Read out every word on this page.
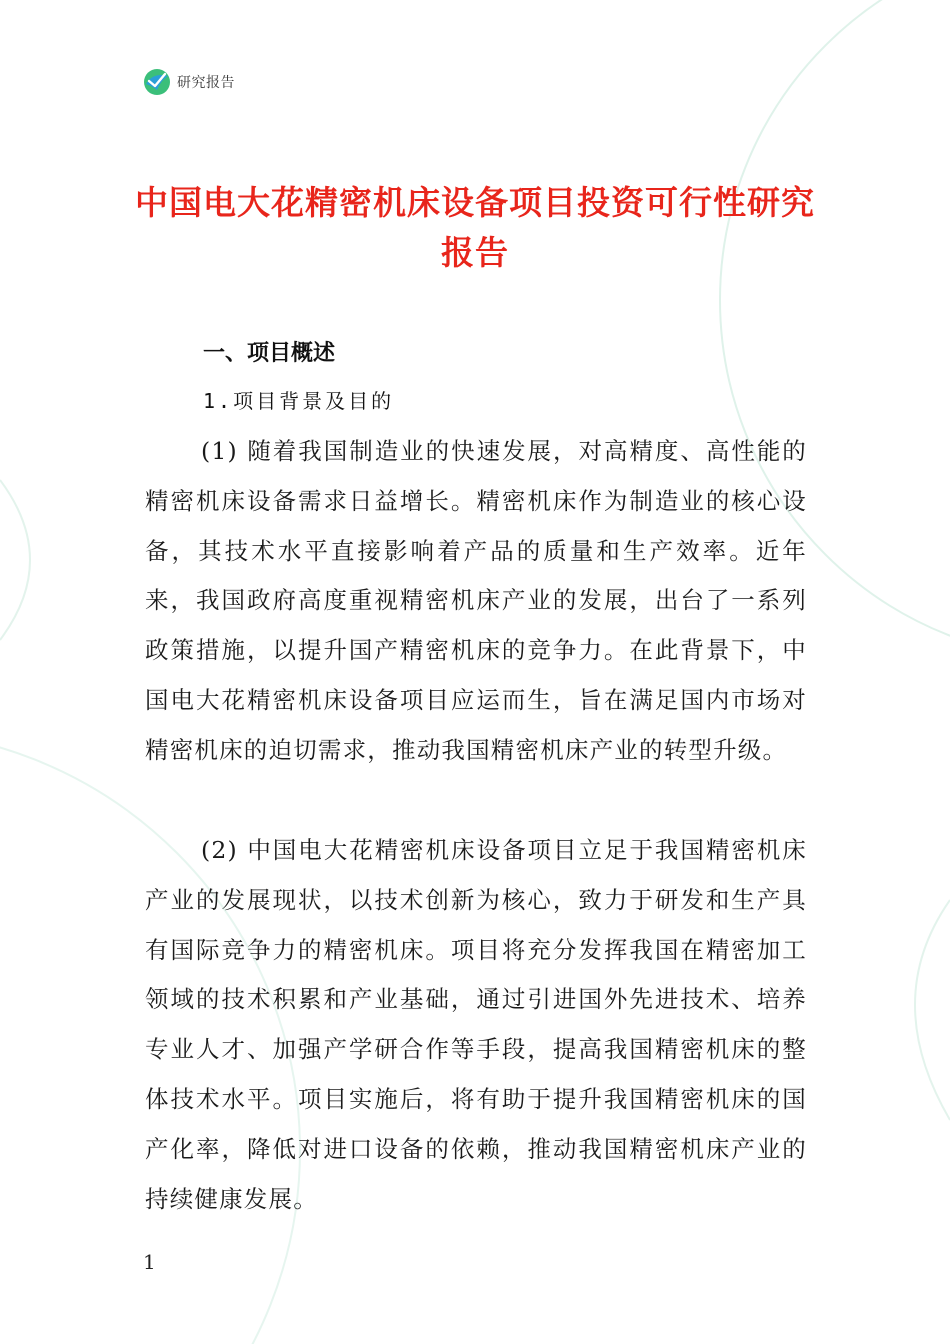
研究报告
中国电大花精密机床设备项目投资可行性研究报告
一、项目概述
1.项目背景及目的

(1) 随着我国制造业的快速发展，对高精度、高性能的精密机床设备需求日益增长。精密机床作为制造业的核心设备，其技术水平直接影响着产品的质量和生产效率。近年来，我国政府高度重视精密机床产业的发展，出台了一系列政策措施，以提升国产精密机床的竞争力。在此背景下，中国电大花精密机床设备项目应运而生，旨在满足国内市场对精密机床的迫切需求，推动我国精密机床产业的转型升级。

(2) 中国电大花精密机床设备项目立足于我国精密机床产业的发展现状，以技术创新为核心，致力于研发和生产具有国际竞争力的精密机床。项目将充分发挥我国在精密加工领域的技术积累和产业基础，通过引进国外先进技术、培养专业人才、加强产学研合作等手段，提高我国精密机床的整体技术水平。项目实施后，将有助于提升我国精密机床的国产化率，降低对进口设备的依赖，推动我国精密机床产业的持续健康发展。

1
